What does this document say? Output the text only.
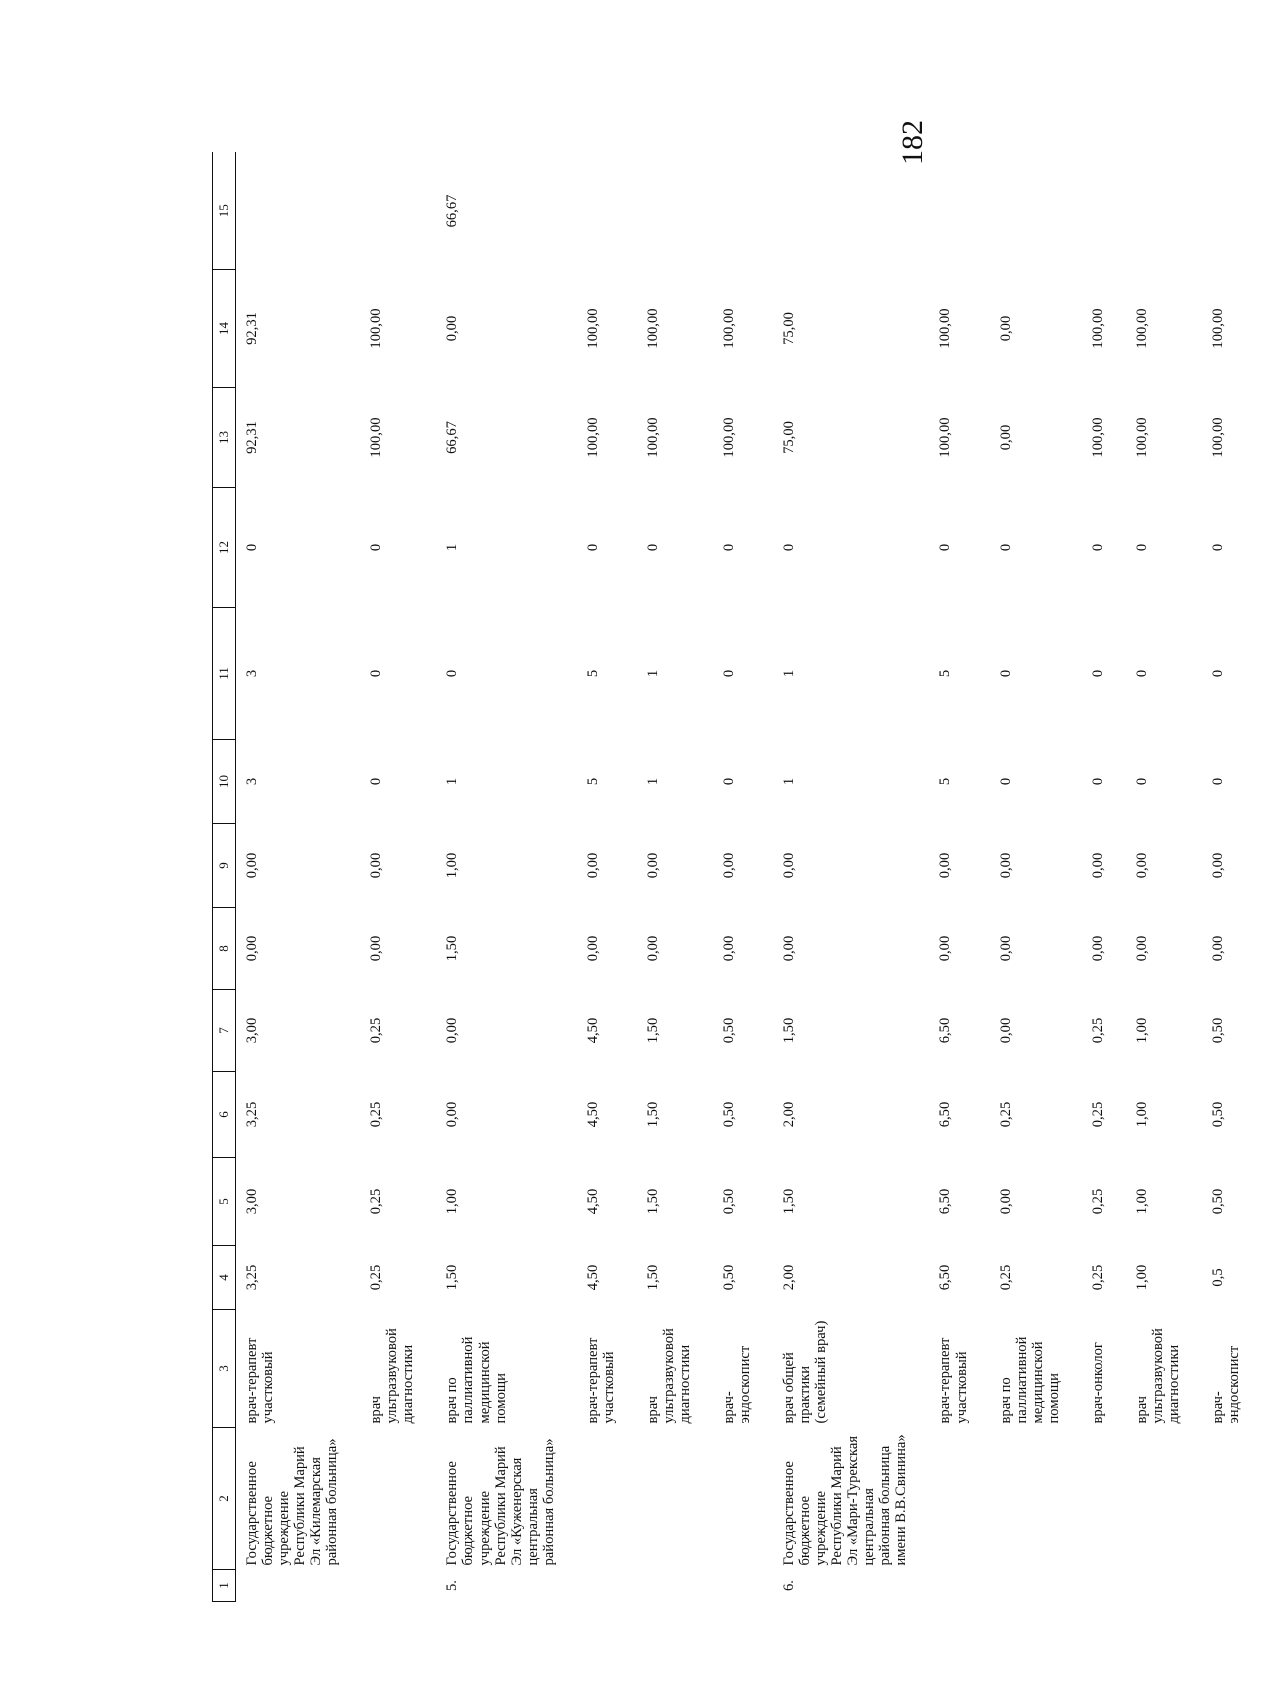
182
1	2	3	4	5	6	7	8	9	10	11	12	13	14	15
	Государственное бюджетное учреждение Республики Марий Эл «Килемарская районная больница»	врач-терапевт участковый	3,25	3,00	3,25	3,00	0,00	0,00	3	3	0	92,31	92,31	
		врач ультразвуковой диагностики	0,25	0,25	0,25	0,25	0,00	0,00	0	0	0	100,00	100,00	
5.	Государственное бюджетное учреждение Республики Марий Эл «Куженерская центральная районная больница»	врач по паллиативной медицинской помощи	1,50	1,00	0,00	0,00	1,50	1,00	1	0	1	66,67	0,00	66,67
		врач-терапевт участковый	4,50	4,50	4,50	4,50	0,00	0,00	5	5	0	100,00	100,00	
		врач ультразвуковой диагностики	1,50	1,50	1,50	1,50	0,00	0,00	1	1	0	100,00	100,00	
		врач-эндоскопист	0,50	0,50	0,50	0,50	0,00	0,00	0	0	0	100,00	100,00	
6.	Государственное бюджетное учреждение Республики Марий Эл «Мари-Турекская центральная районная больница имени В.В.Свинина»	врач общей практики (семейный врач)	2,00	1,50	2,00	1,50	0,00	0,00	1	1	0	75,00	75,00	
		врач-терапевт участковый	6,50	6,50	6,50	6,50	0,00	0,00	5	5	0	100,00	100,00	
		врач по паллиативной медицинской помощи	0,25	0,00	0,25	0,00	0,00	0,00	0	0	0	0,00	0,00	
		врач-онколог	0,25	0,25	0,25	0,25	0,00	0,00	0	0	0	100,00	100,00	
		врач ультразвуковой диагностики	1,00	1,00	1,00	1,00	0,00	0,00	0	0	0	100,00	100,00	
		врач-эндоскопист	0,5	0,50	0,50	0,50	0,00	0,00	0	0	0	100,00	100,00	
